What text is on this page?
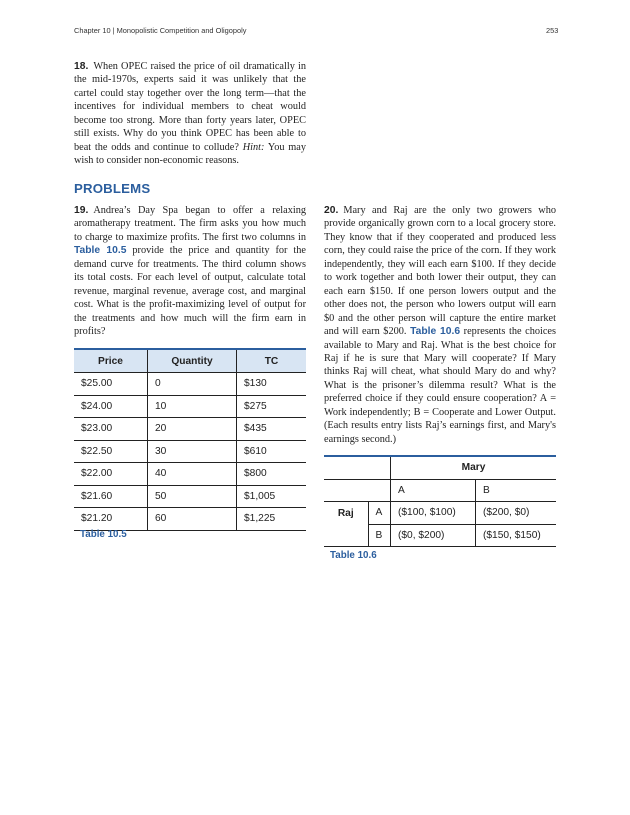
Chapter 10 | Monopolistic Competition and Oligopoly	253

18. When OPEC raised the price of oil dramatically in the mid-1970s, experts said it was unlikely that the cartel could stay together over the long term—that the incentives for individual members to cheat would become too strong. More than forty years later, OPEC still exists. Why do you think OPEC has been able to beat the odds and continue to collude? Hint: You may wish to consider non-economic reasons.

PROBLEMS

19. Andrea’s Day Spa began to offer a relaxing aromatherapy treatment. The firm asks you how much to charge to maximize profits. The first two columns in Table 10.5 provide the price and quantity for the demand curve for treatments. The third column shows its total costs. For each level of output, calculate total revenue, marginal revenue, average cost, and marginal cost. What is the profit-maximizing level of output for the treatments and how much will the firm earn in profits?

20. Mary and Raj are the only two growers who provide organically grown corn to a local grocery store. They know that if they cooperated and produced less corn, they could raise the price of the corn. If they work independently, they will each earn $100. If they decide to work together and both lower their output, they can each earn $150. If one person lowers output and the other does not, the person who lowers output will earn $0 and the other person will capture the entire market and will earn $200. Table 10.6 represents the choices available to Mary and Raj. What is the best choice for Raj if he is sure that Mary will cooperate? If Mary thinks Raj will cheat, what should Mary do and why? What is the prisoner’s dilemma result? What is the preferred choice if they could ensure cooperation? A = Work independently; B = Cooperate and Lower Output. (Each results entry lists Raj’s earnings first, and Mary's earnings second.)

Price	Quantity	TC
$25.00	0	$130
$24.00	10	$275
$23.00	20	$435
$22.50	30	$610
$22.00	40	$800
$21.60	50	$1,005
$21.20	60	$1,225
Table 10.5
		Mary	
		A	B
Raj	A	($100, $100)	($200, $0)
	B	($0, $200)	($150, $150)
Table 10.6
